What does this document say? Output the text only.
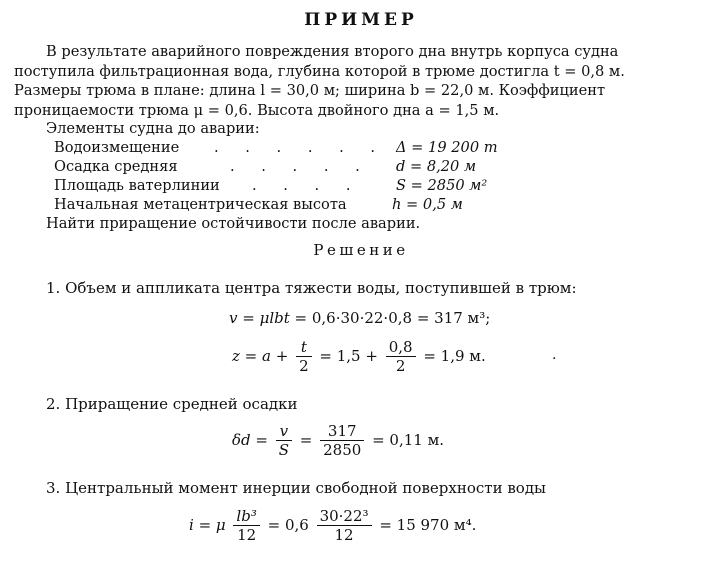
ПРИМЕР
В результате аварийного повреждения второго дна внутрь корпуса судна
поступила фильтрационная вода, глубина которой в трюме достигла t = 0,8 м.
Размеры трюма в плане: длина l = 30,0 м; ширина b = 22,0 м. Коэффициент
проницаемости трюма μ = 0,6. Высота двойного дна a = 1,5 м.
Элементы судна до аварии:
Водоизмещение . . . . . . Δ = 19 200 т
Осадка средняя	. . . . . d = 8,20 м
Площадь ватерлинии . . . . S = 2850 м²
Начальная метацентрическая высота	h = 0,5 м
Найти приращение остойчивости после аварии.
Решение
1. Объем и аппликата центра тяжести воды, поступившей в трюм:
v = μlbt = 0,6·30·22·0,8 = 317 м³;
$z = a + \frac{t}{2} = 1,5 + \frac{0,8}{2} = 1,9$ м.	·
2. Приращение средней осадки
$\delta d = \frac{v}{S} = \frac{317}{2850} = 0,11$ м.
3. Центральный момент инерции свободной поверхности воды
i = μ $\frac{\text{lb³}}{12} = 0,6 \frac{\text{30·22³}}{12} = 15$ 970 м⁴.
